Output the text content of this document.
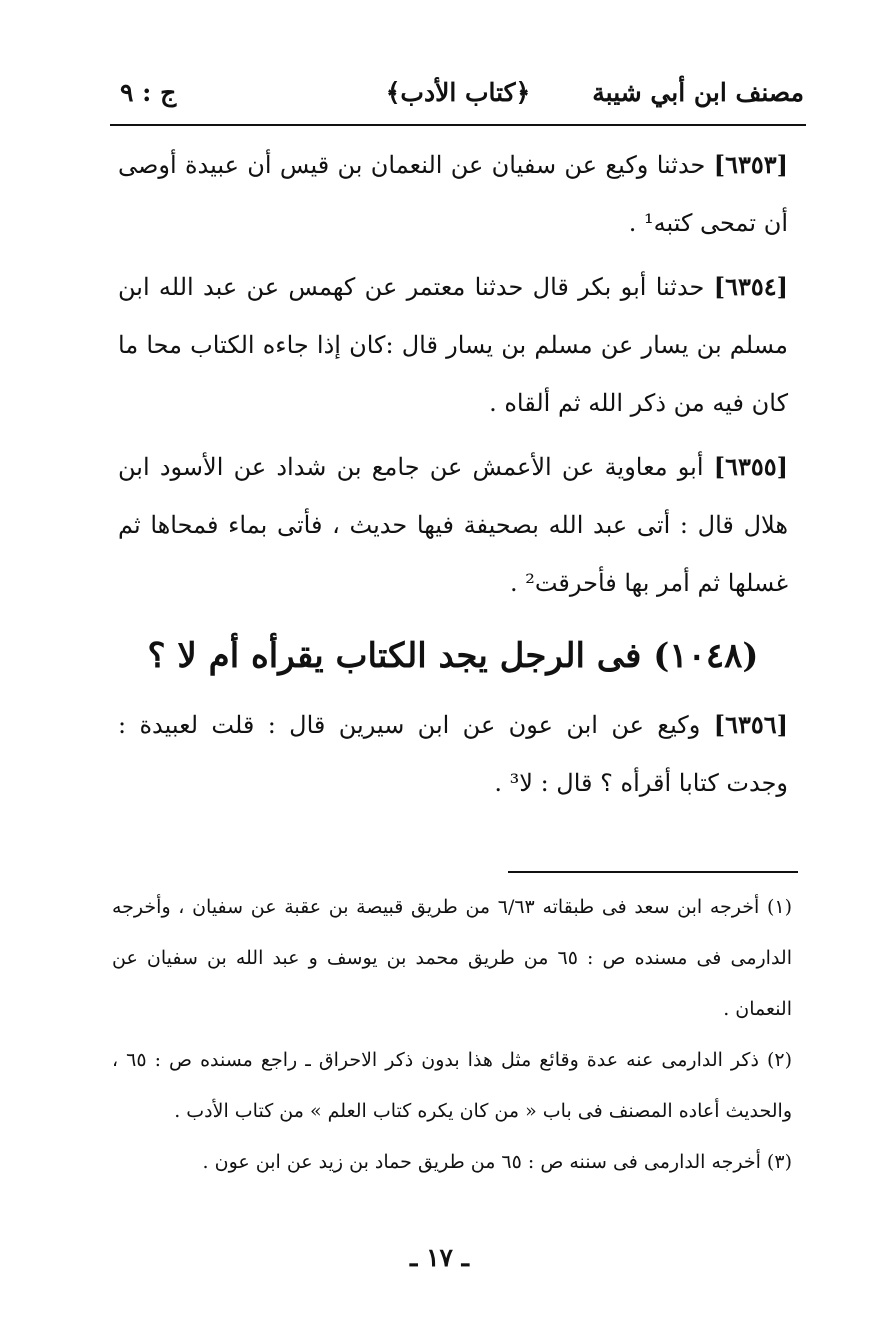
مصنف ابن أبي شيبة
﴿كتاب الأدب﴾
ج : ٩

[٦٣٥٣] حدثنا وكيع عن سفيان عن النعمان بن قيس أن عبيدة أوصى أن تمحى كتبه¹ .

[٦٣٥٤] حدثنا أبو بكر قال حدثنا معتمر عن كهمس عن عبد الله ابن مسلم بن يسار عن مسلم بن يسار قال :كان إذا جاءه الكتاب محا ما كان فيه من ذكر الله ثم ألقاه .

[٦٣٥٥] أبو معاوية عن الأعمش عن جامع بن شداد عن الأسود ابن هلال قال : أتى عبد الله بصحيفة فيها حديث ، فأتى بماء فمحاها ثم غسلها ثم أمر بها فأحرقت² .

(١٠٤٨) فى الرجل يجد الكتاب يقرأه أم لا ؟

[٦٣٥٦] وكيع عن ابن عون عن ابن سيرين قال : قلت لعبيدة : وجدت كتابا أقرأه ؟ قال : لا³ .

(١) أخرجه ابن سعد فى طبقاته ٦/٦٣ من طريق قبيصة بن عقبة عن سفيان ، وأخرجه الدارمى فى مسنده ص : ٦٥ من طريق محمد بن يوسف و عبد الله بن سفيان عن النعمان .

(٢) ذكر الدارمى عنه عدة وقائع مثل هذا بدون ذكر الاحراق ـ راجع مسنده ص : ٦٥ ، والحديث أعاده المصنف فى باب « من كان يكره كتاب العلم » من كتاب الأدب .

(٣) أخرجه الدارمى فى سننه ص : ٦٥ من طريق حماد بن زيد عن ابن عون .

ـ ١٧ ـ
